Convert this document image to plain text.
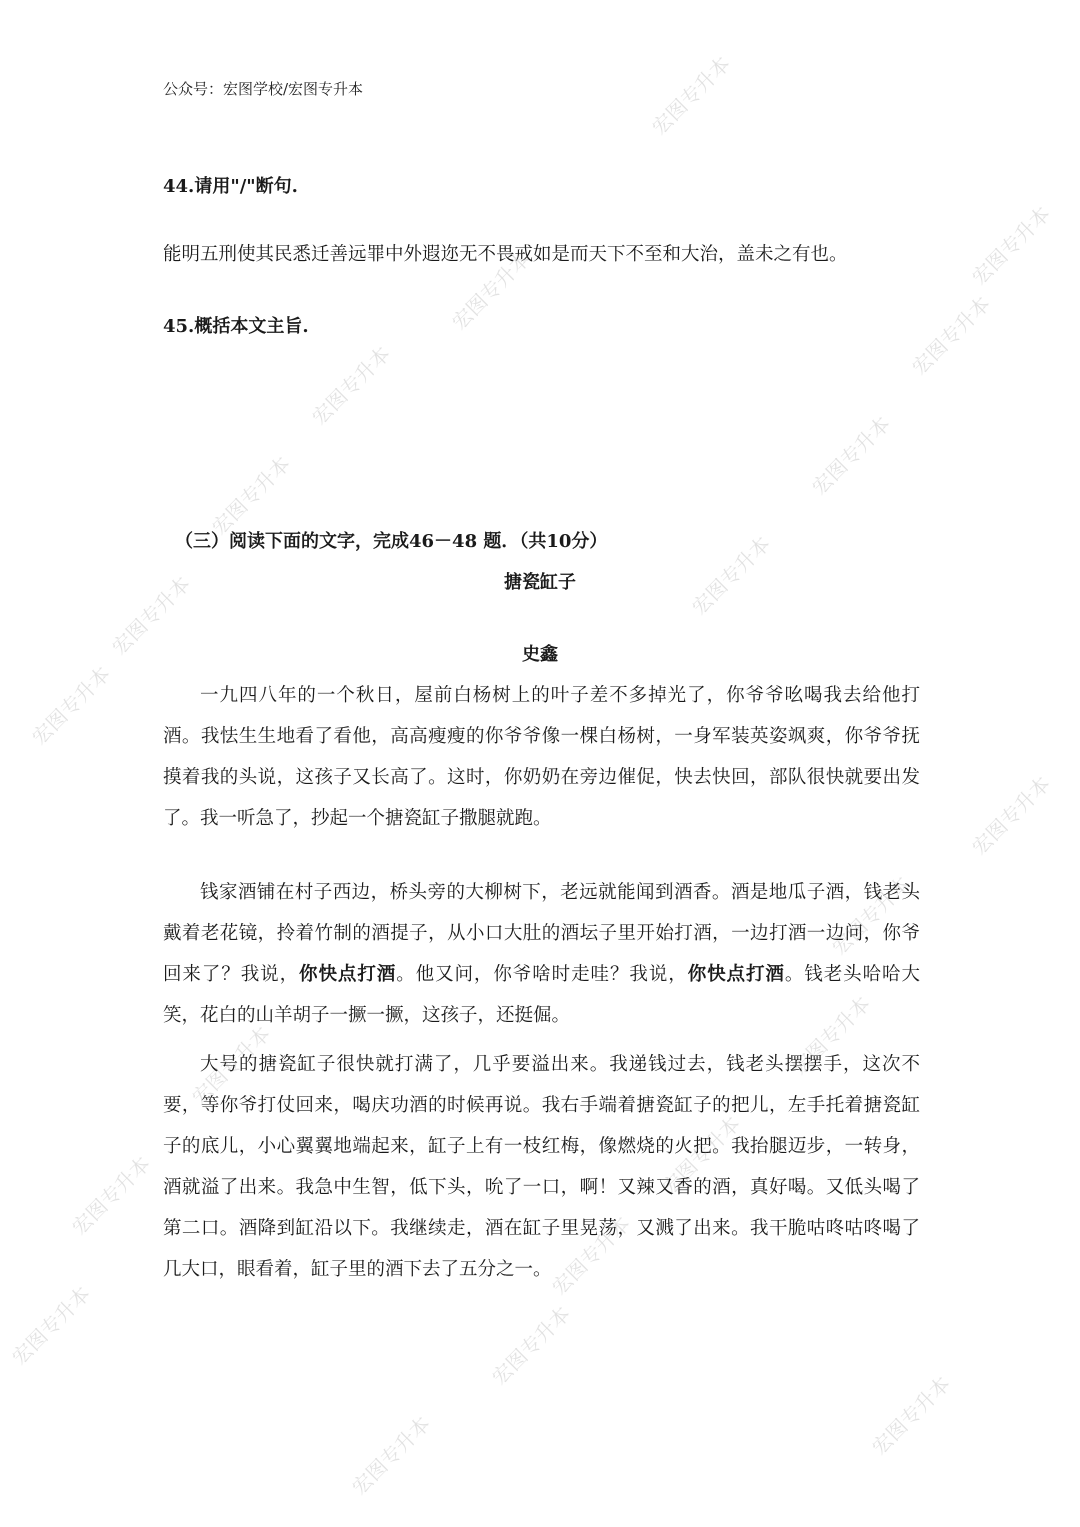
公众号：宏图学校/宏图专升本
44.请用"/"断句.
能明五刑使其民悉迁善远罪中外遐迩无不畏戒如是而天下不至和大治，盖未之有也。
45.概括本文主旨.
（三）阅读下面的文字，完成46－48 题．（共10分）
搪瓷缸子
史鑫

一九四八年的一个秋日，屋前白杨树上的叶子差不多掉光了，你爷爷吆喝我去给他打酒。我怯生生地看了看他，高高瘦瘦的你爷爷像一棵白杨树，一身军装英姿飒爽，你爷爷抚摸着我的头说，这孩子又长高了。这时，你奶奶在旁边催促，快去快回，部队很快就要出发了。我一听急了，抄起一个搪瓷缸子撒腿就跑。

钱家酒铺在村子西边，桥头旁的大柳树下，老远就能闻到酒香。酒是地瓜子酒，钱老头戴着老花镜，拎着竹制的酒提子，从小口大肚的酒坛子里开始打酒，一边打酒一边问，你爷回来了？我说，你快点打酒。他又问，你爷啥时走哇？我说，你快点打酒。钱老头哈哈大笑，花白的山羊胡子一撅一撅，这孩子，还挺倔。

大号的搪瓷缸子很快就打满了，几乎要溢出来。我递钱过去，钱老头摆摆手，这次不要，等你爷打仗回来，喝庆功酒的时候再说。我右手端着搪瓷缸子的把儿，左手托着搪瓷缸子的底儿，小心翼翼地端起来，缸子上有一枝红梅，像燃烧的火把。我抬腿迈步，一转身，酒就溢了出来。我急中生智，低下头，吮了一口，啊！又辣又香的酒，真好喝。又低头喝了第二口。酒降到缸沿以下。我继续走，酒在缸子里晃荡，又溅了出来。我干脆咕咚咕咚喝了几大口，眼看着，缸子里的酒下去了五分之一。

宏图专升本
宏图专升本
宏图专升本
宏图专升本
宏图专升本
宏图专升本
宏图专升本
宏图专升本
宏图专升本
宏图专升本
宏图专升本
宏图专升本
宏图专升本
宏图专升本
宏图专升本
宏图专升本
宏图专升本
宏图专升本	宏图专升本
宏图专升本	宏图专升本
